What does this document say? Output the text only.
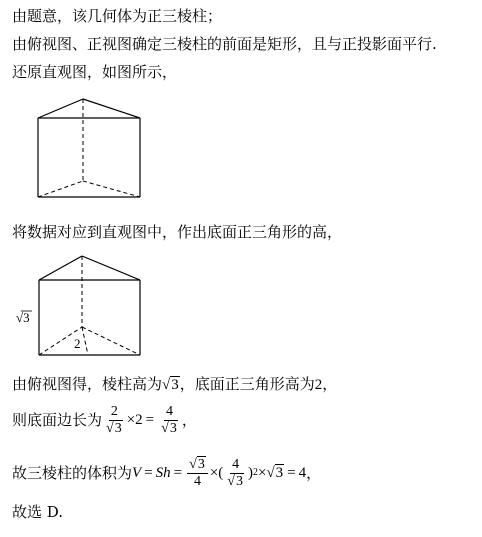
由题意，该几何体为正三棱柱；
由俯视图、正视图确定三棱柱的前面是矩形，且与正投影面平行.
还原直观图，如图所示，
将数据对应到直观图中，作出底面正三角形的高，
√3
2
由俯视图得，棱柱高为√3，底面正三角形高为2，
则底面边长为 $\frac{2}{√3} \times 2 = \frac{4}{√3}$ ，
故三棱柱的体积为 V = S $h = \frac{√3}{4}$ × ( $\frac{4}{√3}$ ) 2 × √3 = 4 ，
故选 D.
